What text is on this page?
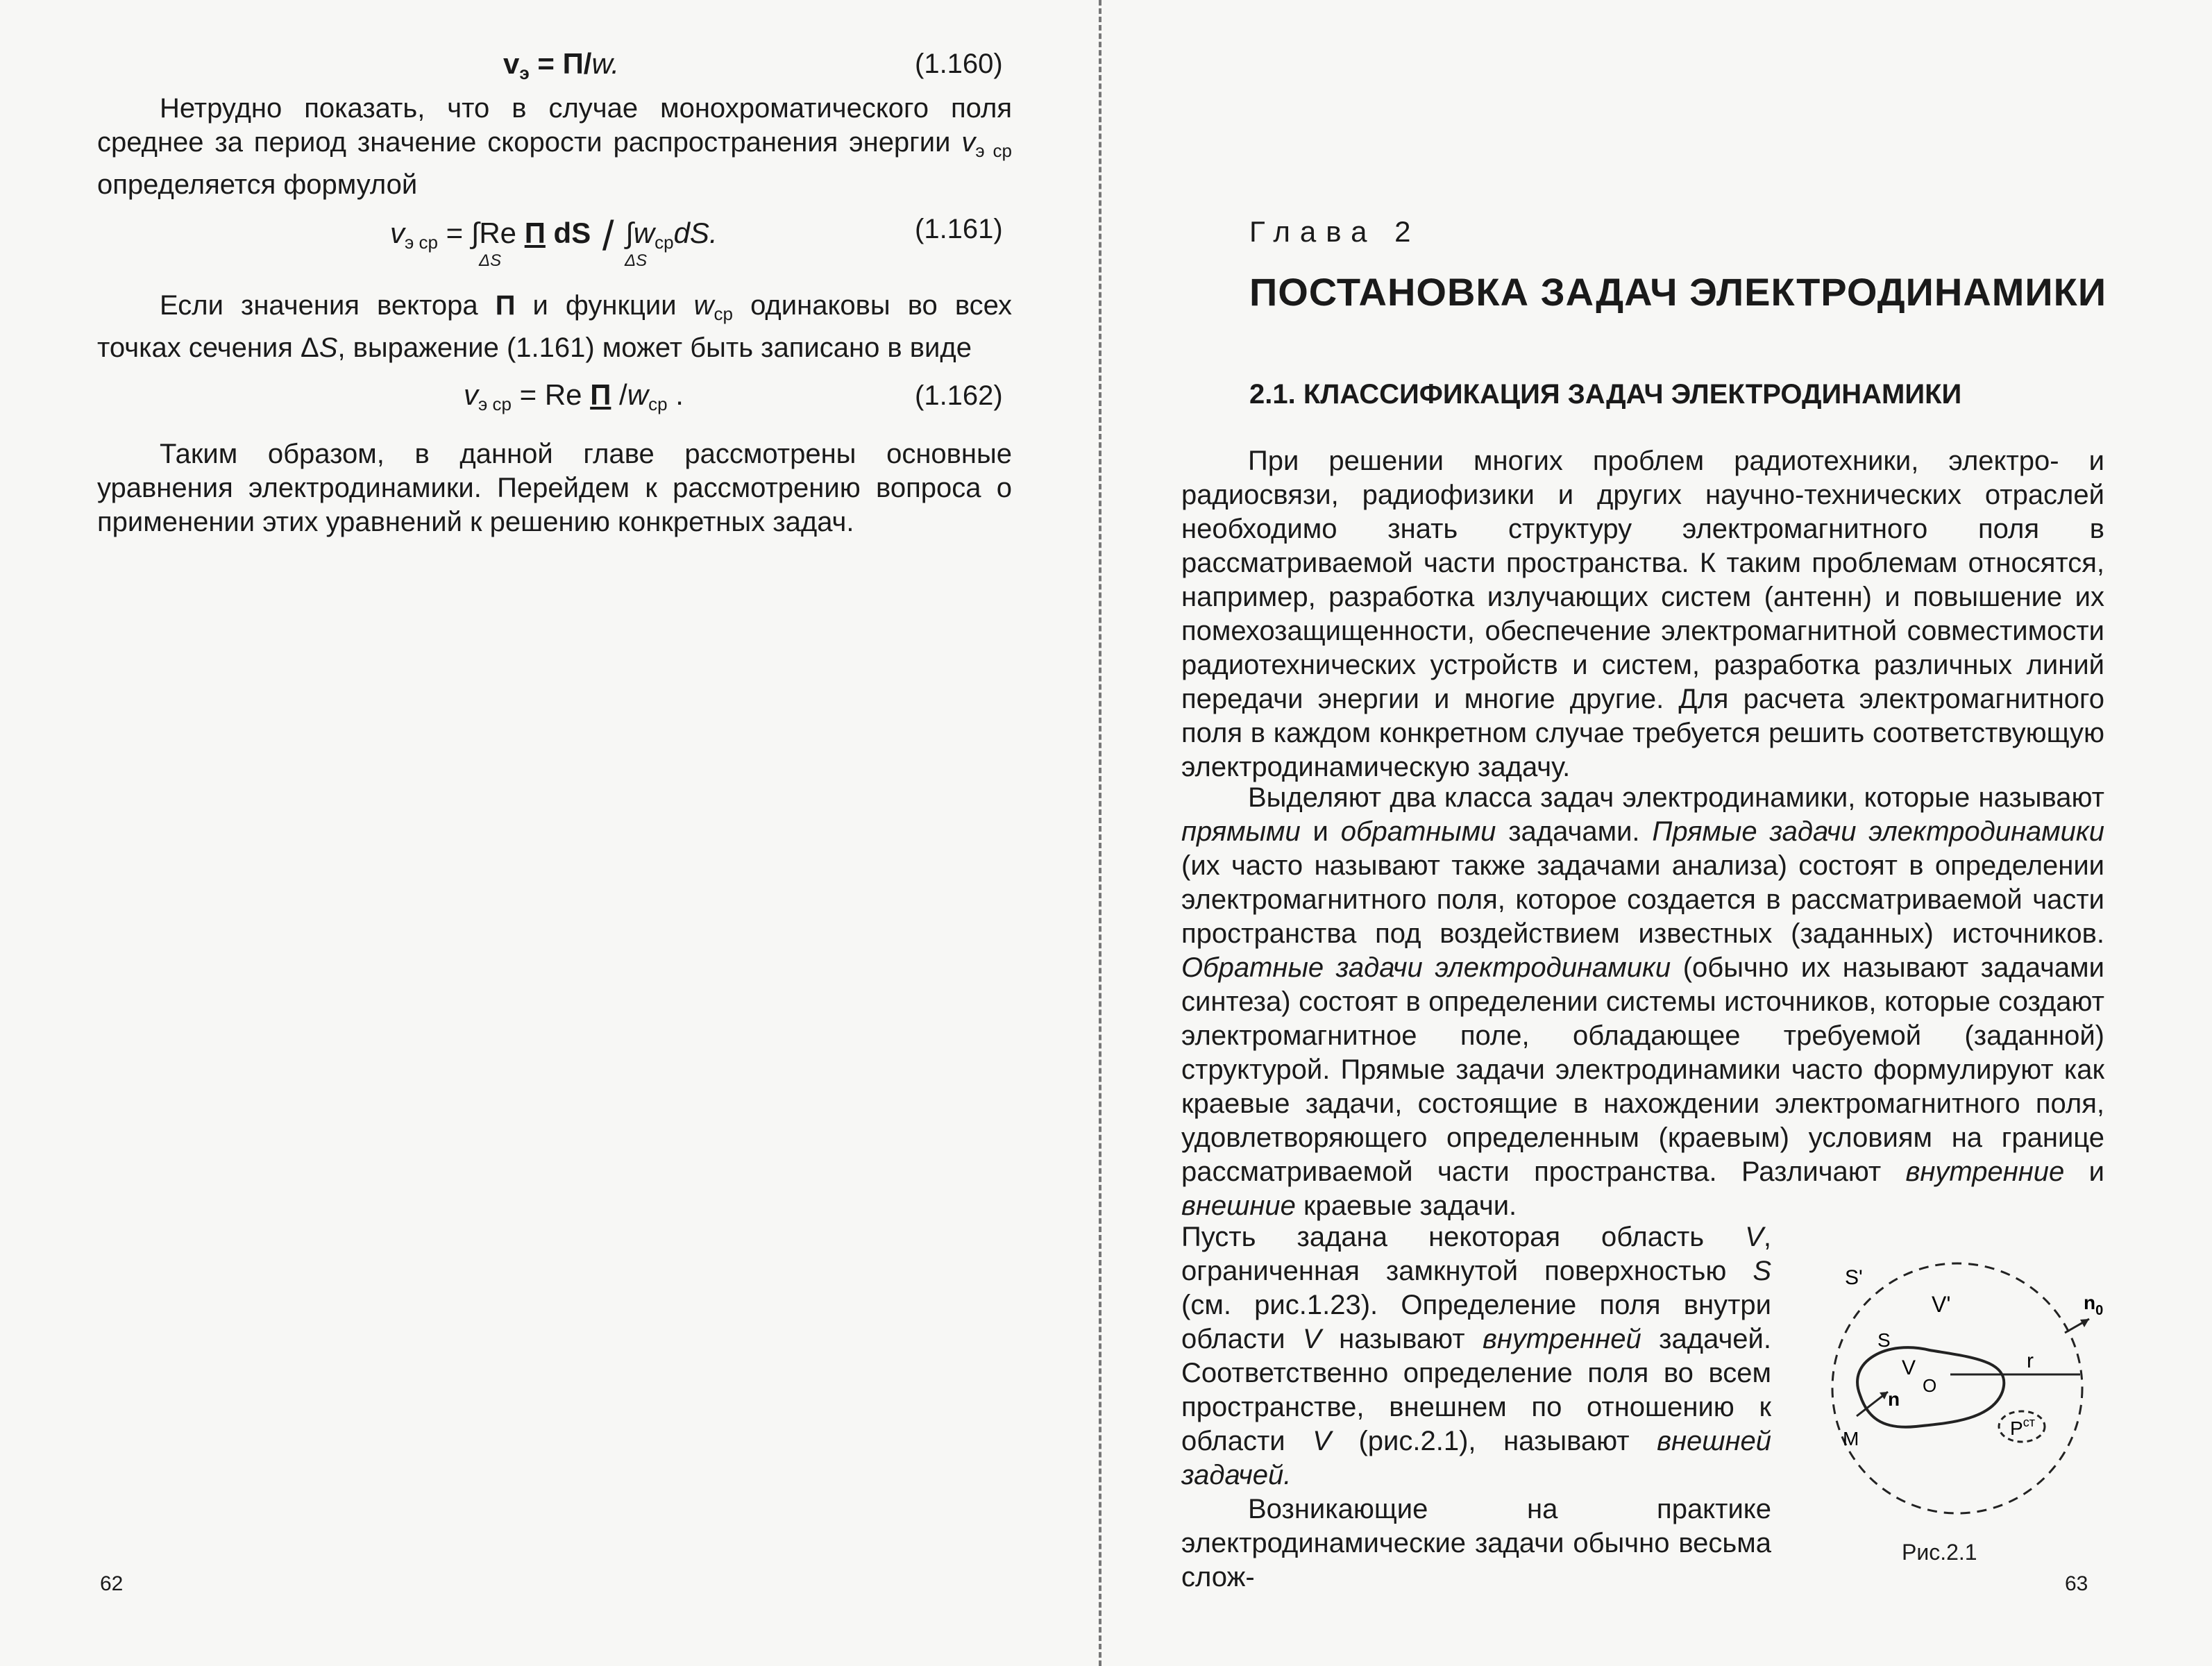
$v_э = П/w$.	(1.160)

Нетрудно показать, что в случае монохроматического поля среднее за период значение скорости распространения энергии $v_{э ср}$ определяется формулой

$v_{э ср} = \int Re$ П dS / $\int w_{ср}dS$.
ΔS	ΔS
(1.161)

Если значения вектора П и функции $w_{ср}$ одинаковы во всех точках сечения ΔS, выражение (1.161) может быть записано в виде

$v_{э ср} = Re$ П $/w_{ср}$ .	(1.162)

Таким образом, в данной главе рассмотрены основные уравнения электродинамики. Перейдем к рассмотрению вопроса о применении этих уравнений к решению конкретных задач.

62
Глава 2
ПОСТАНОВКА ЗАДАЧ ЭЛЕКТРОДИНАМИКИ
2.1. КЛАССИФИКАЦИЯ ЗАДАЧ ЭЛЕКТРОДИНАМИКИ

При решении многих проблем радиотехники, электро- и радиосвязи, радиофизики и других научно-технических отраслей необходимо знать структуру электромагнитного поля в рассматриваемой части пространства. К таким проблемам относятся, например, разработка излучающих систем (антенн) и повышение их помехозащищенности, обеспечение электромагнитной совместимости радиотехнических устройств и систем, разработка различных линий передачи энергии и многие другие. Для расчета электромагнитного поля в каждом конкретном случае требуется решить соответствующую электродинамическую задачу.

Выделяют два класса задач электродинамики, которые называют прямыми и обратными задачами. Прямые задачи электродинамики (их часто называют также задачами анализа) состоят в определении электромагнитного поля, которое создается в рассматриваемой части пространства под воздействием известных (заданных) источников. Обратные задачи электродинамики (обычно их называют задачами синтеза) состоят в определении системы источников, которые создают электромагнитное поле, обладающее требуемой (заданной) структурой. Прямые задачи электродинамики часто формулируют как краевые задачи, состоящие в нахождении электромагнитного поля, удовлетворяющего определенным (краевым) условиям на границе рассматриваемой части пространства. Различают внутренние и внешние краевые задачи.

Пусть задана некоторая область V, ограниченная замкнутой поверхностью S (см. рис.1.23). Определение поля внутри области V называют внутренней задачей. Соответственно определение поля во всем пространстве, внешнем по отношению к области V (рис.2.1), называют внешней задачей.

Возникающие на практике электродинамические задачи обычно весьма слож-

S'
V'	$n_0$
S
V
O
n
r
M	$P^{ст}$
Рис.2.1
63
